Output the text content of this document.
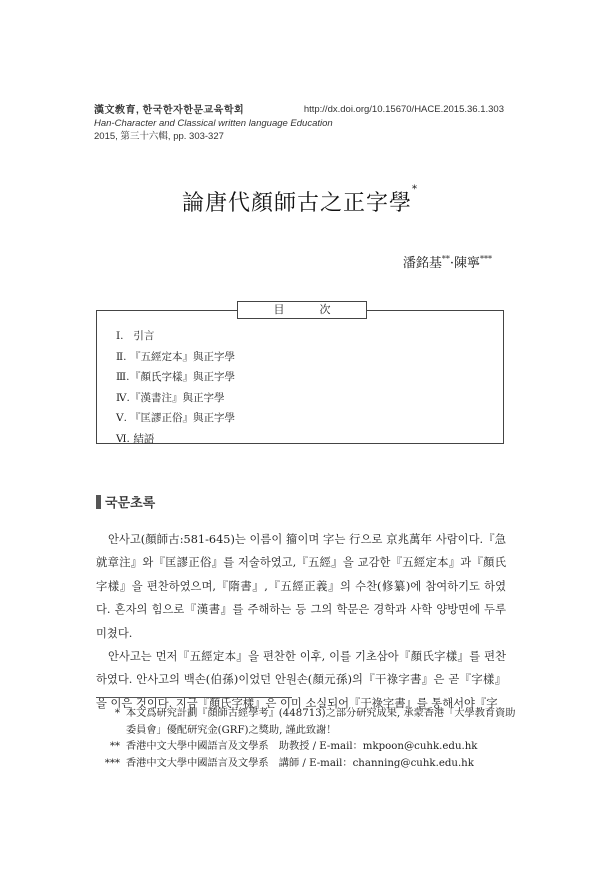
漢文敎育, 한국한자한문교육학회
Han-Character and Classical written language Education
2015, 第三十六輯, pp. 303-327
http://dx.doi.org/10.15670/HACE.2015.36.1.303
論唐代顏師古之正字學*
潘銘基**·陳寧***
目　次
Ⅰ. 引言
Ⅱ. 『五經定本』與正字學
Ⅲ.『顏氏字樣』與正字學
Ⅳ.『漢書注』與正字學
Ⅴ. 『匡謬正俗』與正字學
Ⅵ. 結語
국문초록

안사고(顏師古:581-645)는 이름이 籀이며 字는 行으로 京兆萬年 사람이다.『急就章注』와『匡謬正俗』를 저술하였고,『五經』을 교감한『五經定本』과『顏氏字樣』을 편찬하였으며,『隋書』,『五經正義』의 수찬(修纂)에 참여하기도 하였다. 혼자의 힘으로『漢書』를 주해하는 등 그의 학문은 경학과 사학 양방면에 두루 미쳤다.

안사고는 먼저『五經定本』을 편찬한 이후, 이를 기초삼아『顏氏字樣』를 편찬하였다. 안사고의 백손(伯孫)이었던 안원손(顏元孫)의『干祿字書』은 곧『字樣』을 이은 것이다. 지금『顏氏字樣』은 이미 소실되어『干祿字書』를 통해서야『字

* 本文爲研究計劃『顏師古經學考』(448713)之部分研究成果, 承蒙香港「大學教育資助委員會」優配研究金(GRF)之獎助, 謹此致謝！
** 香港中文大學中國語言及文學系　助教授 / E-mail：mkpoon@cuhk.edu.hk
*** 香港中文大學中國語言及文學系　講師 / E-mail：channing@cuhk.edu.hk
